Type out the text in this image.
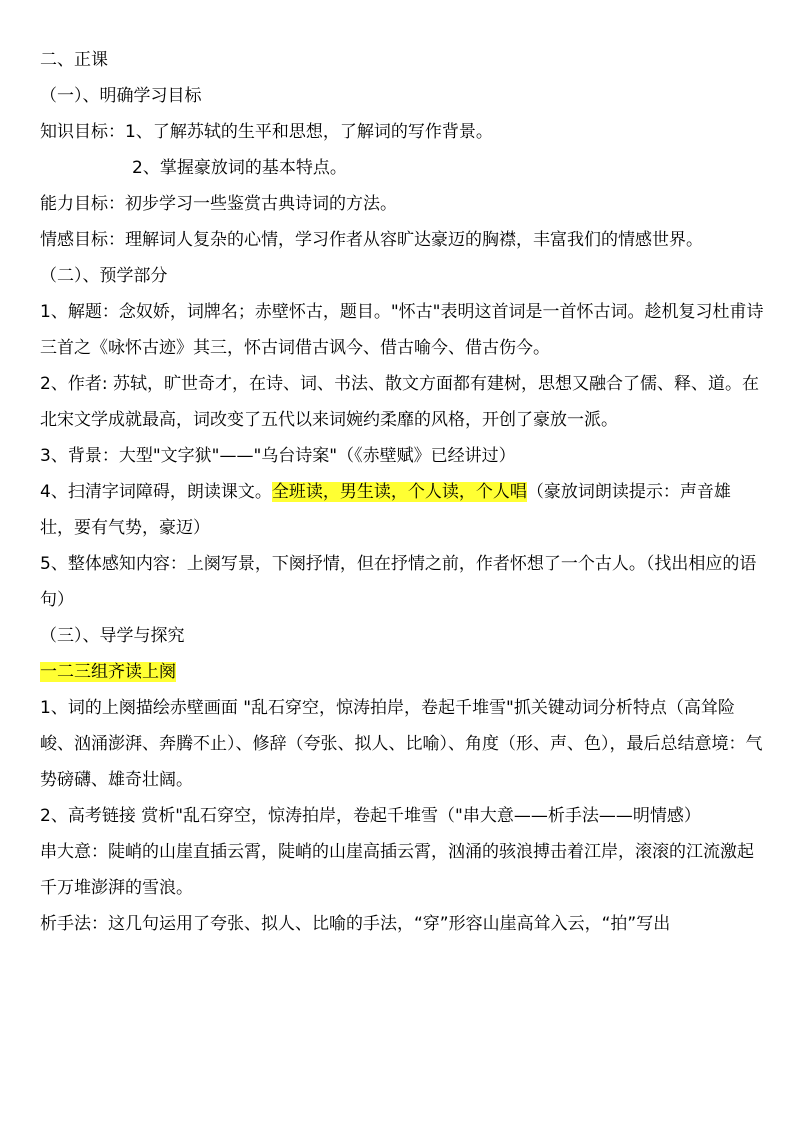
二、正课

（一）、明确学习目标

知识目标：1、了解苏轼的生平和思想，了解词的写作背景。

2、掌握豪放词的基本特点。

能力目标：初步学习一些鉴赏古典诗词的方法。

情感目标：理解词人复杂的心情，学习作者从容旷达豪迈的胸襟，丰富我们的情感世界。

（二）、预学部分

1、解题：念奴娇，词牌名；赤壁怀古，题目。"怀古"表明这首词是一首怀古词。趁机复习杜甫诗三首之《咏怀古迹》其三，怀古词借古讽今、借古喻今、借古伤今。

2、作者: 苏轼，旷世奇才，在诗、词、书法、散文方面都有建树，思想又融合了儒、释、道。在北宋文学成就最高，词改变了五代以来词婉约柔靡的风格，开创了豪放一派。

3、背景：大型"文字狱"——"乌台诗案"（《赤壁赋》已经讲过）

4、扫清字词障碍，朗读课文。全班读，男生读，个人读，个人唱（豪放词朗读提示：声音雄壮，要有气势，豪迈）

5、整体感知内容：上阕写景，下阕抒情，但在抒情之前，作者怀想了一个古人。（找出相应的语句）

（三）、导学与探究

一二三组齐读上阕

1、词的上阕描绘赤壁画面 "乱石穿空，惊涛拍岸，卷起千堆雪"抓关键动词分析特点（高耸险峻、汹涌澎湃、奔腾不止）、修辞（夸张、拟人、比喻）、角度（形、声、色），最后总结意境：气势磅礴、雄奇壮阔。

2、高考链接 赏析"乱石穿空，惊涛拍岸，卷起千堆雪（"串大意——析手法——明情感）

串大意：陡峭的山崖直插云霄，陡峭的山崖高插云霄，汹涌的骇浪搏击着江岸，滚滚的江流激起千万堆澎湃的雪浪。

析手法：这几句运用了夸张、拟人、比喻的手法，“穿”形容山崖高耸入云，“拍”写出
